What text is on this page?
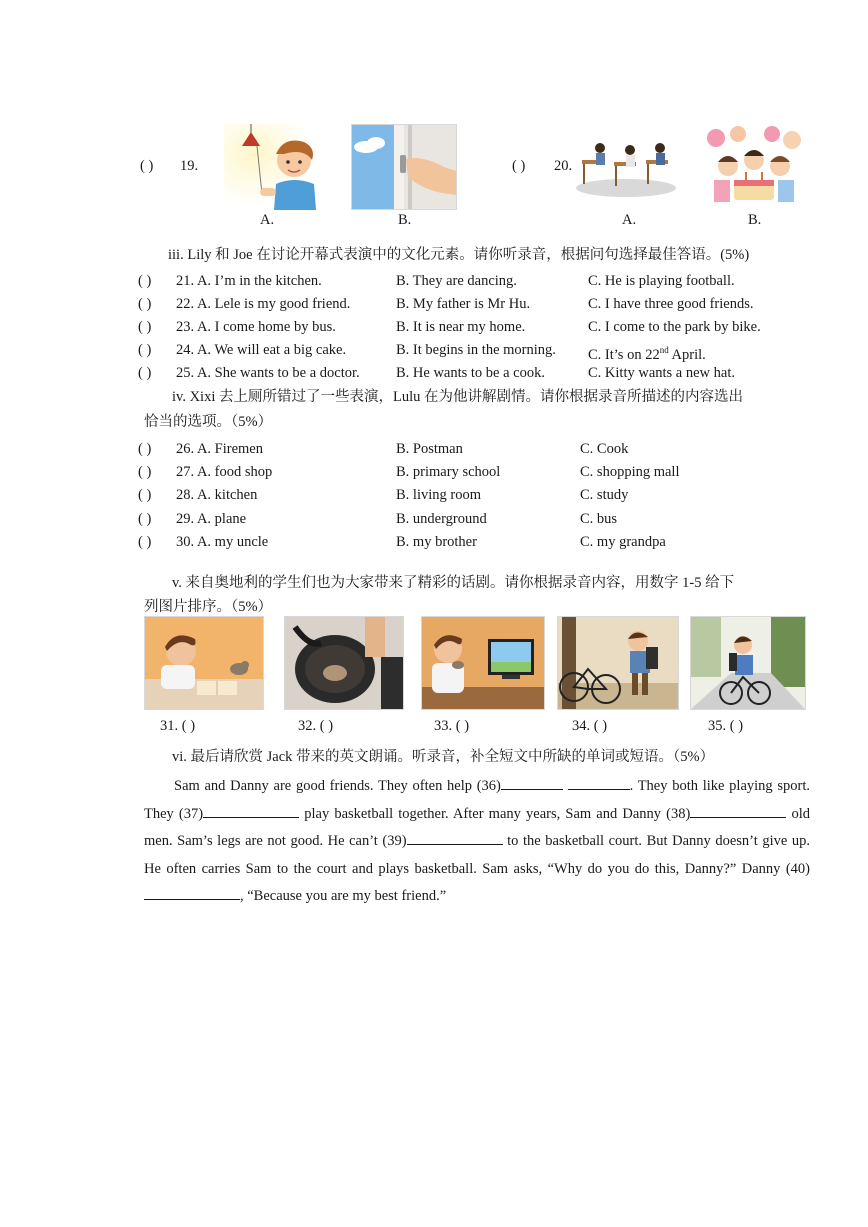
( ) 19.
A.	B.
( ) 20.
A.	B.
iii. Lily 和 Joe 在讨论开幕式表演中的文化元素。请你听录音，根据问句选择最佳答语。(5%)
( ) 21. A. I’m in the kitchen.	B. They are dancing.	C. He is playing football.
( ) 22. A. Lele is my good friend.	B. My father is Mr Hu.	C. I have three good friends.
( ) 23. A. I come home by bus.	B. It is near my home.	C. I come to the park by bike.
( ) 24. A. We will eat a big cake.	B. It begins in the morning. C. It’s on 22nd April.
( ) 25. A. She wants to be a doctor.	B. He wants to be a cook.	C. Kitty wants a new hat.
iv. Xixi 去上厕所错过了一些表演，Lulu 在为他讲解剧情。请你根据录音所描述的内容选出
恰当的选项。（5%）
( ) 26. A. Firemen	B. Postman	C. Cook
( ) 27. A. food shop	B. primary school	C. shopping mall
( ) 28. A. kitchen	B. living room	C. study
( ) 29. A. plane	B. underground	C. bus
( ) 30. A. my uncle	B. my brother	C. my grandpa
v. 来自奥地利的学生们也为大家带来了精彩的话剧。请你根据录音内容，用数字 1-5 给下
列图片排序。（5%）
31. ( )	32. ( )	33. ( )	34. ( )	35. ( )
vi. 最后请欣赏 Jack 带来的英文朗诵。听录音，补全短文中所缺的单词或短语。（5%）
Sam and Danny are good friends. They often help (36)	. They both like playing sport. They (37)	play basketball together. After many years, Sam and Danny (38)	old men. Sam’s legs are not good. He can’t (39)	to the basketball court. But Danny doesn’t give up. He often carries Sam to the court and plays basketball. Sam asks, “Why do you do this, Danny?” Danny (40), “Because you are my best friend.”
